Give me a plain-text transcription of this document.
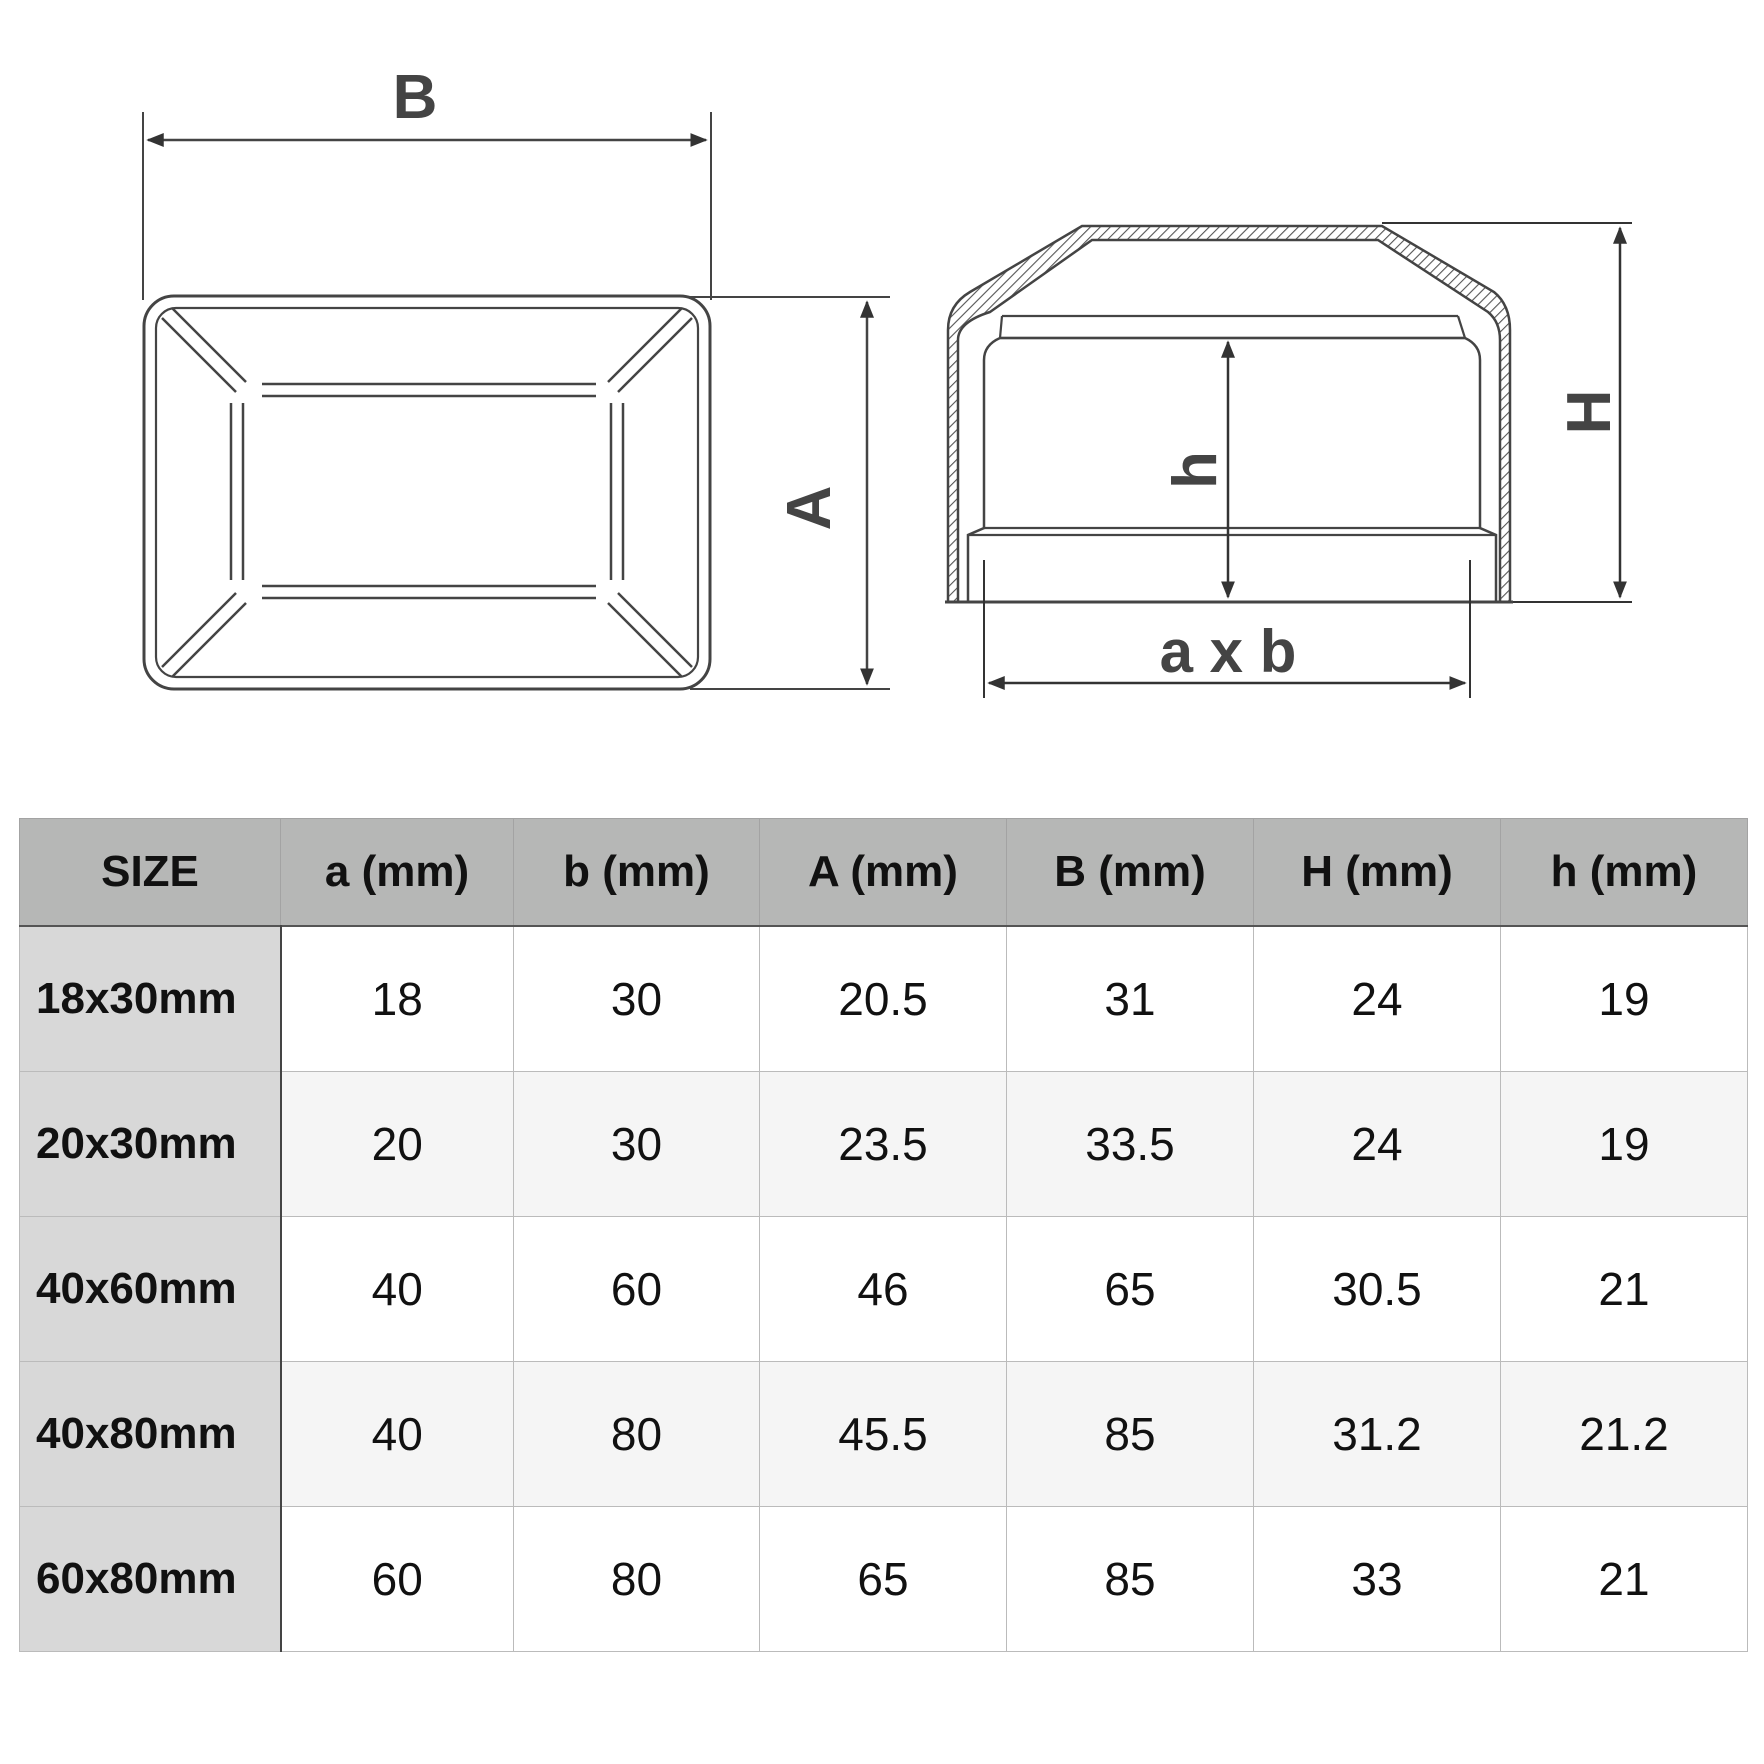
B
A
H
h
a x b
SIZE	a (mm)	b (mm)	A (mm)	B (mm)	H (mm)	h (mm)
18x30mm	18	30	20.5	31	24	19
20x30mm	20	30	23.5	33.5	24	19
40x60mm	40	60	46	65	30.5	21
40x80mm	40	80	45.5	85	31.2	21.2
60x80mm	60	80	65	85	33	21
